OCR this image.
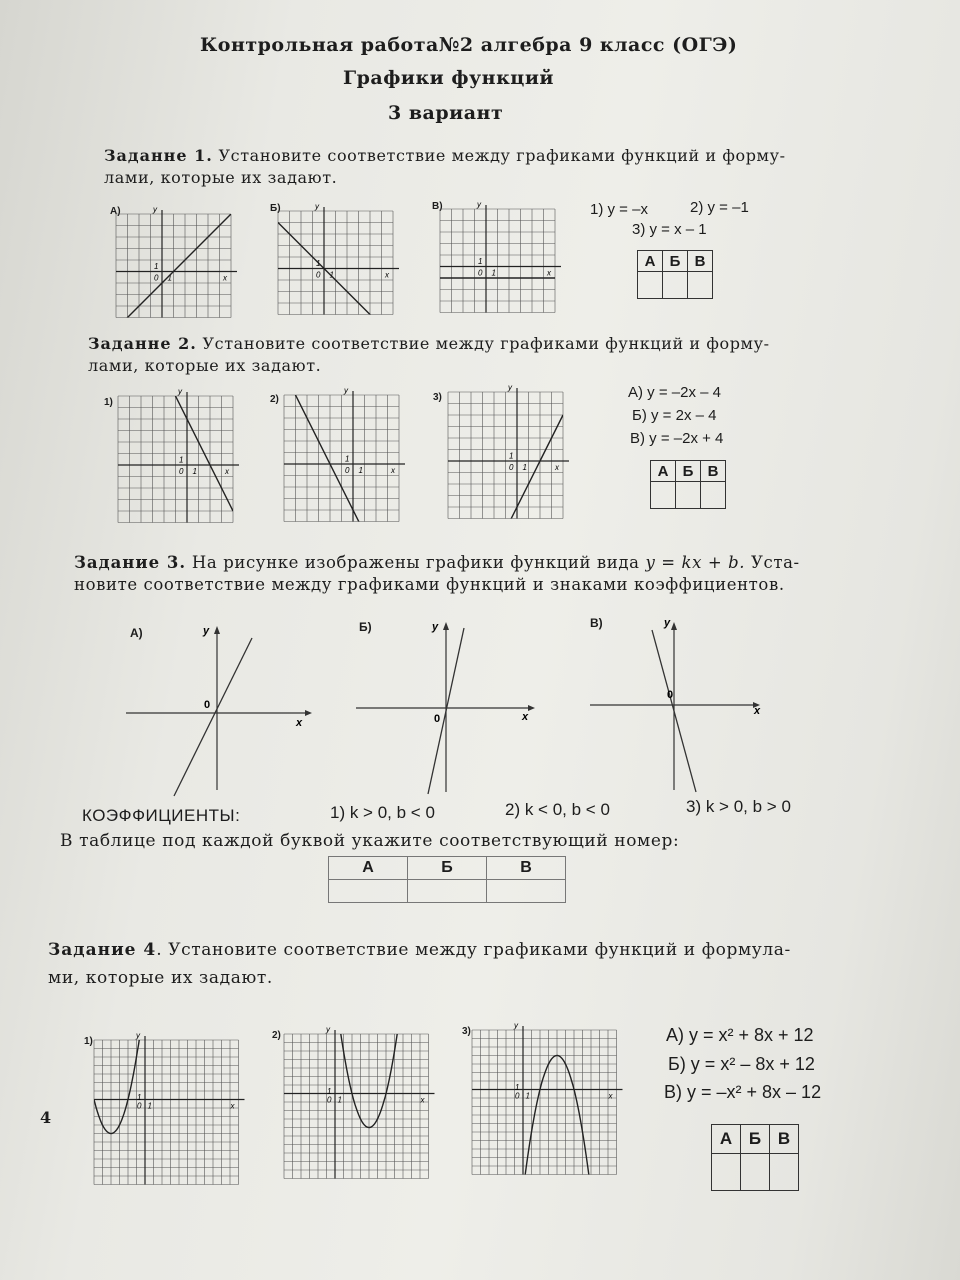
Контрольная работа№2 алгебра 9 класс (ОГЭ)
Графики функций
3 вариант
Заданне 1. Установите соответствие между графиками функций и форму-
лами, которые их задают.
А)	Б)	В)
y
x
0 1
1
y
x
0 1
1
y
x
0 1
1
1) y = –x	2) y = –1
3) y = x – 1
А	Б	В

Заданне 2. Установите соответствие между графиками функций и форму-
лами, которые их задают.
1)	2)	3)
y
x
0 1
1
y
x
0 1
1
y
x
0 1
1
А) y = –2x – 4
Б) y = 2x – 4
В) y = –2x + 4
А	Б	В

Задание 3. На рисунке изображены графики функций вида y = kx + b. Уста-
новите соответствие между графиками функций и знаками коэффициентов.
А)	y
x
0
Б)	y
x
0
В)	y
x
0
КОЭФФИЦИЕНТЫ:	1) k > 0, b < 0	2) k < 0, b < 0	3) k > 0, b > 0
В таблице под каждой буквой укажите соответствующий номер:
А	Б	В

Задание 4. Установите соответствие между графиками функций и формула-
ми, которые их задают.
4
1)
2)	3)
y
x
0 1
1
y
x
0 1
1
y
x
0 1
1
А) y = x² + 8x + 12
Б) y = x² – 8x + 12
В) y = –x² + 8x – 12
А	Б	В
